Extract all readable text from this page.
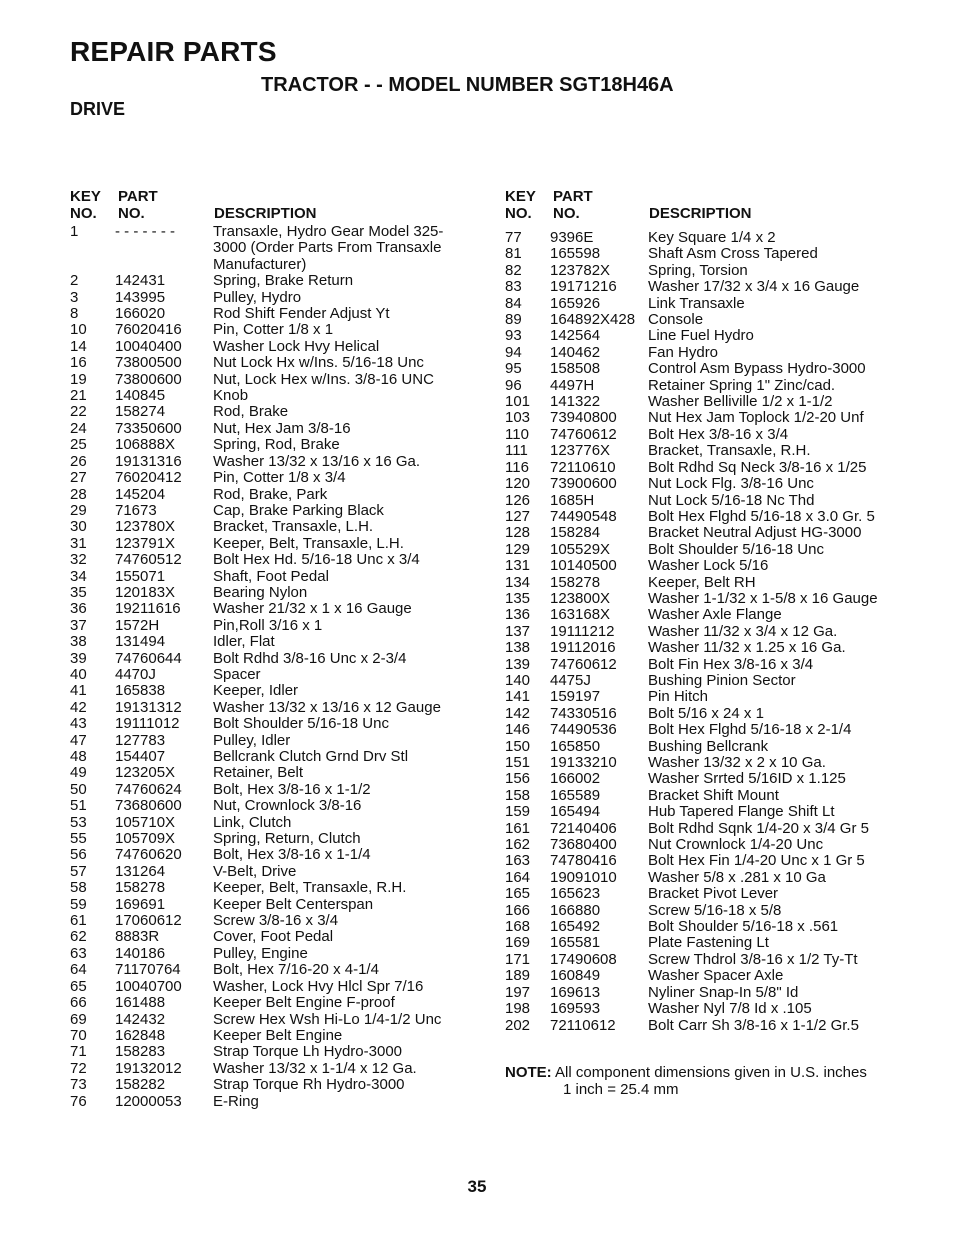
REPAIR PARTS
TRACTOR - - MODEL NUMBER SGT18H46A
DRIVE
KEY
NO.
PART
NO.	DESCRIPTION
KEY
NO.
PART
NO.	DESCRIPTION
1	- - - - - - -	Transaxle, Hydro Gear Model 325-3000 (Order Parts From Transaxle Manufacturer)
2	142431	Spring, Brake Return
3	143995	Pulley, Hydro
8	166020	Rod Shift Fender Adjust Yt
10	76020416	Pin, Cotter 1/8 x 1
14	10040400	Washer Lock Hvy Helical
16	73800500	Nut Lock Hx w/Ins. 5/16-18 Unc
19	73800600	Nut, Lock Hex w/Ins. 3/8-16 UNC
21	140845	Knob
22	158274	Rod, Brake
24	73350600	Nut, Hex Jam 3/8-16
25	106888X	Spring, Rod, Brake
26	19131316	Washer 13/32 x 13/16 x 16 Ga.
27	76020412	Pin, Cotter 1/8 x 3/4
28	145204	Rod, Brake, Park
29	71673	Cap, Brake Parking Black
30	123780X	Bracket, Transaxle, L.H.
31	123791X	Keeper, Belt, Transaxle, L.H.
32	74760512	Bolt Hex Hd. 5/16-18 Unc x 3/4
34	155071	Shaft, Foot Pedal
35	120183X	Bearing Nylon
36	19211616	Washer 21/32 x 1 x 16 Gauge
37	1572H	Pin,Roll 3/16 x 1
38	131494	Idler, Flat
39	74760644	Bolt Rdhd 3/8-16 Unc x 2-3/4
40	4470J	Spacer
41	165838	Keeper, Idler
42	19131312	Washer 13/32 x 13/16 x 12 Gauge
43	19111012	Bolt Shoulder 5/16-18 Unc
47	127783	Pulley, Idler
48	154407	Bellcrank Clutch Grnd Drv Stl
49	123205X	Retainer, Belt
50	74760624	Bolt, Hex 3/8-16 x 1-1/2
51	73680600	Nut, Crownlock 3/8-16
53	105710X	Link, Clutch
55	105709X	Spring, Return, Clutch
56	74760620	Bolt, Hex 3/8-16 x 1-1/4
57	131264	V-Belt, Drive
58	158278	Keeper, Belt, Transaxle, R.H.
59	169691	Keeper Belt Centerspan
61	17060612	Screw 3/8-16 x 3/4
62	8883R	Cover, Foot Pedal
63	140186	Pulley, Engine
64	71170764	Bolt, Hex 7/16-20 x 4-1/4
65	10040700	Washer, Lock Hvy Hlcl Spr 7/16
66	161488	Keeper Belt Engine F-proof
69	142432	Screw Hex Wsh Hi-Lo 1/4-1/2 Unc
70	162848	Keeper Belt Engine
71	158283	Strap Torque Lh Hydro-3000
72	19132012	Washer 13/32 x 1-1/4 x 12 Ga.
73	158282	Strap Torque Rh Hydro-3000
76	12000053	E-Ring
77	9396E	Key Square 1/4 x 2
81	165598	Shaft Asm Cross Tapered
82	123782X	Spring, Torsion
83	19171216	Washer 17/32 x 3/4 x 16 Gauge
84	165926	Link Transaxle
89	164892X428 Console
93	142564	Line Fuel Hydro
94	140462	Fan Hydro
95	158508	Control Asm Bypass Hydro-3000
96	4497H	Retainer Spring 1" Zinc/cad.
101	141322	Washer Belliville 1/2 x 1-1/2
103	73940800	Nut Hex Jam Toplock 1/2-20 Unf
110	74760612	Bolt Hex 3/8-16 x 3/4
111	123776X	Bracket, Transaxle, R.H.
116	72110610	Bolt Rdhd Sq Neck 3/8-16 x 1/25
120	73900600	Nut Lock Flg. 3/8-16 Unc
126	1685H	Nut Lock 5/16-18 Nc Thd
127	74490548	Bolt Hex Flghd 5/16-18 x 3.0 Gr. 5
128	158284	Bracket Neutral Adjust HG-3000
129	105529X	Bolt Shoulder 5/16-18 Unc
131	10140500	Washer Lock 5/16
134	158278	Keeper, Belt RH
135	123800X	Washer 1-1/32 x 1-5/8 x 16 Gauge
136	163168X	Washer Axle Flange
137	19111212	Washer 11/32 x 3/4 x 12 Ga.
138	19112016	Washer 11/32 x 1.25 x 16 Ga.
139	74760612	Bolt Fin Hex 3/8-16 x 3/4
140	4475J	Bushing Pinion Sector
141	159197	Pin Hitch
142	74330516	Bolt 5/16 x 24 x 1
146	74490536	Bolt Hex Flghd 5/16-18 x 2-1/4
150	165850	Bushing Bellcrank
151	19133210	Washer 13/32 x 2 x 10 Ga.
156	166002	Washer Srrted 5/16ID x 1.125
158	165589	Bracket Shift Mount
159	165494	Hub Tapered Flange Shift Lt
161	72140406	Bolt Rdhd Sqnk 1/4-20 x 3/4 Gr 5
162	73680400	Nut Crownlock 1/4-20 Unc
163	74780416	Bolt Hex Fin 1/4-20 Unc x 1 Gr 5
164	19091010	Washer 5/8 x .281 x 10 Ga
165	165623	Bracket Pivot Lever
166	166880	Screw 5/16-18 x 5/8
168	165492	Bolt Shoulder 5/16-18 x .561
169	165581	Plate Fastening Lt
171	17490608	Screw Thdrol 3/8-16 x 1/2 Ty-Tt
189	160849	Washer Spacer Axle
197	169613	Nyliner Snap-In 5/8" Id
198	169593	Washer Nyl 7/8 Id x .105
202	72110612	Bolt Carr Sh 3/8-16 x 1-1/2 Gr.5
NOTE: All component dimensions given in U.S. inches
1 inch = 25.4 mm
35
